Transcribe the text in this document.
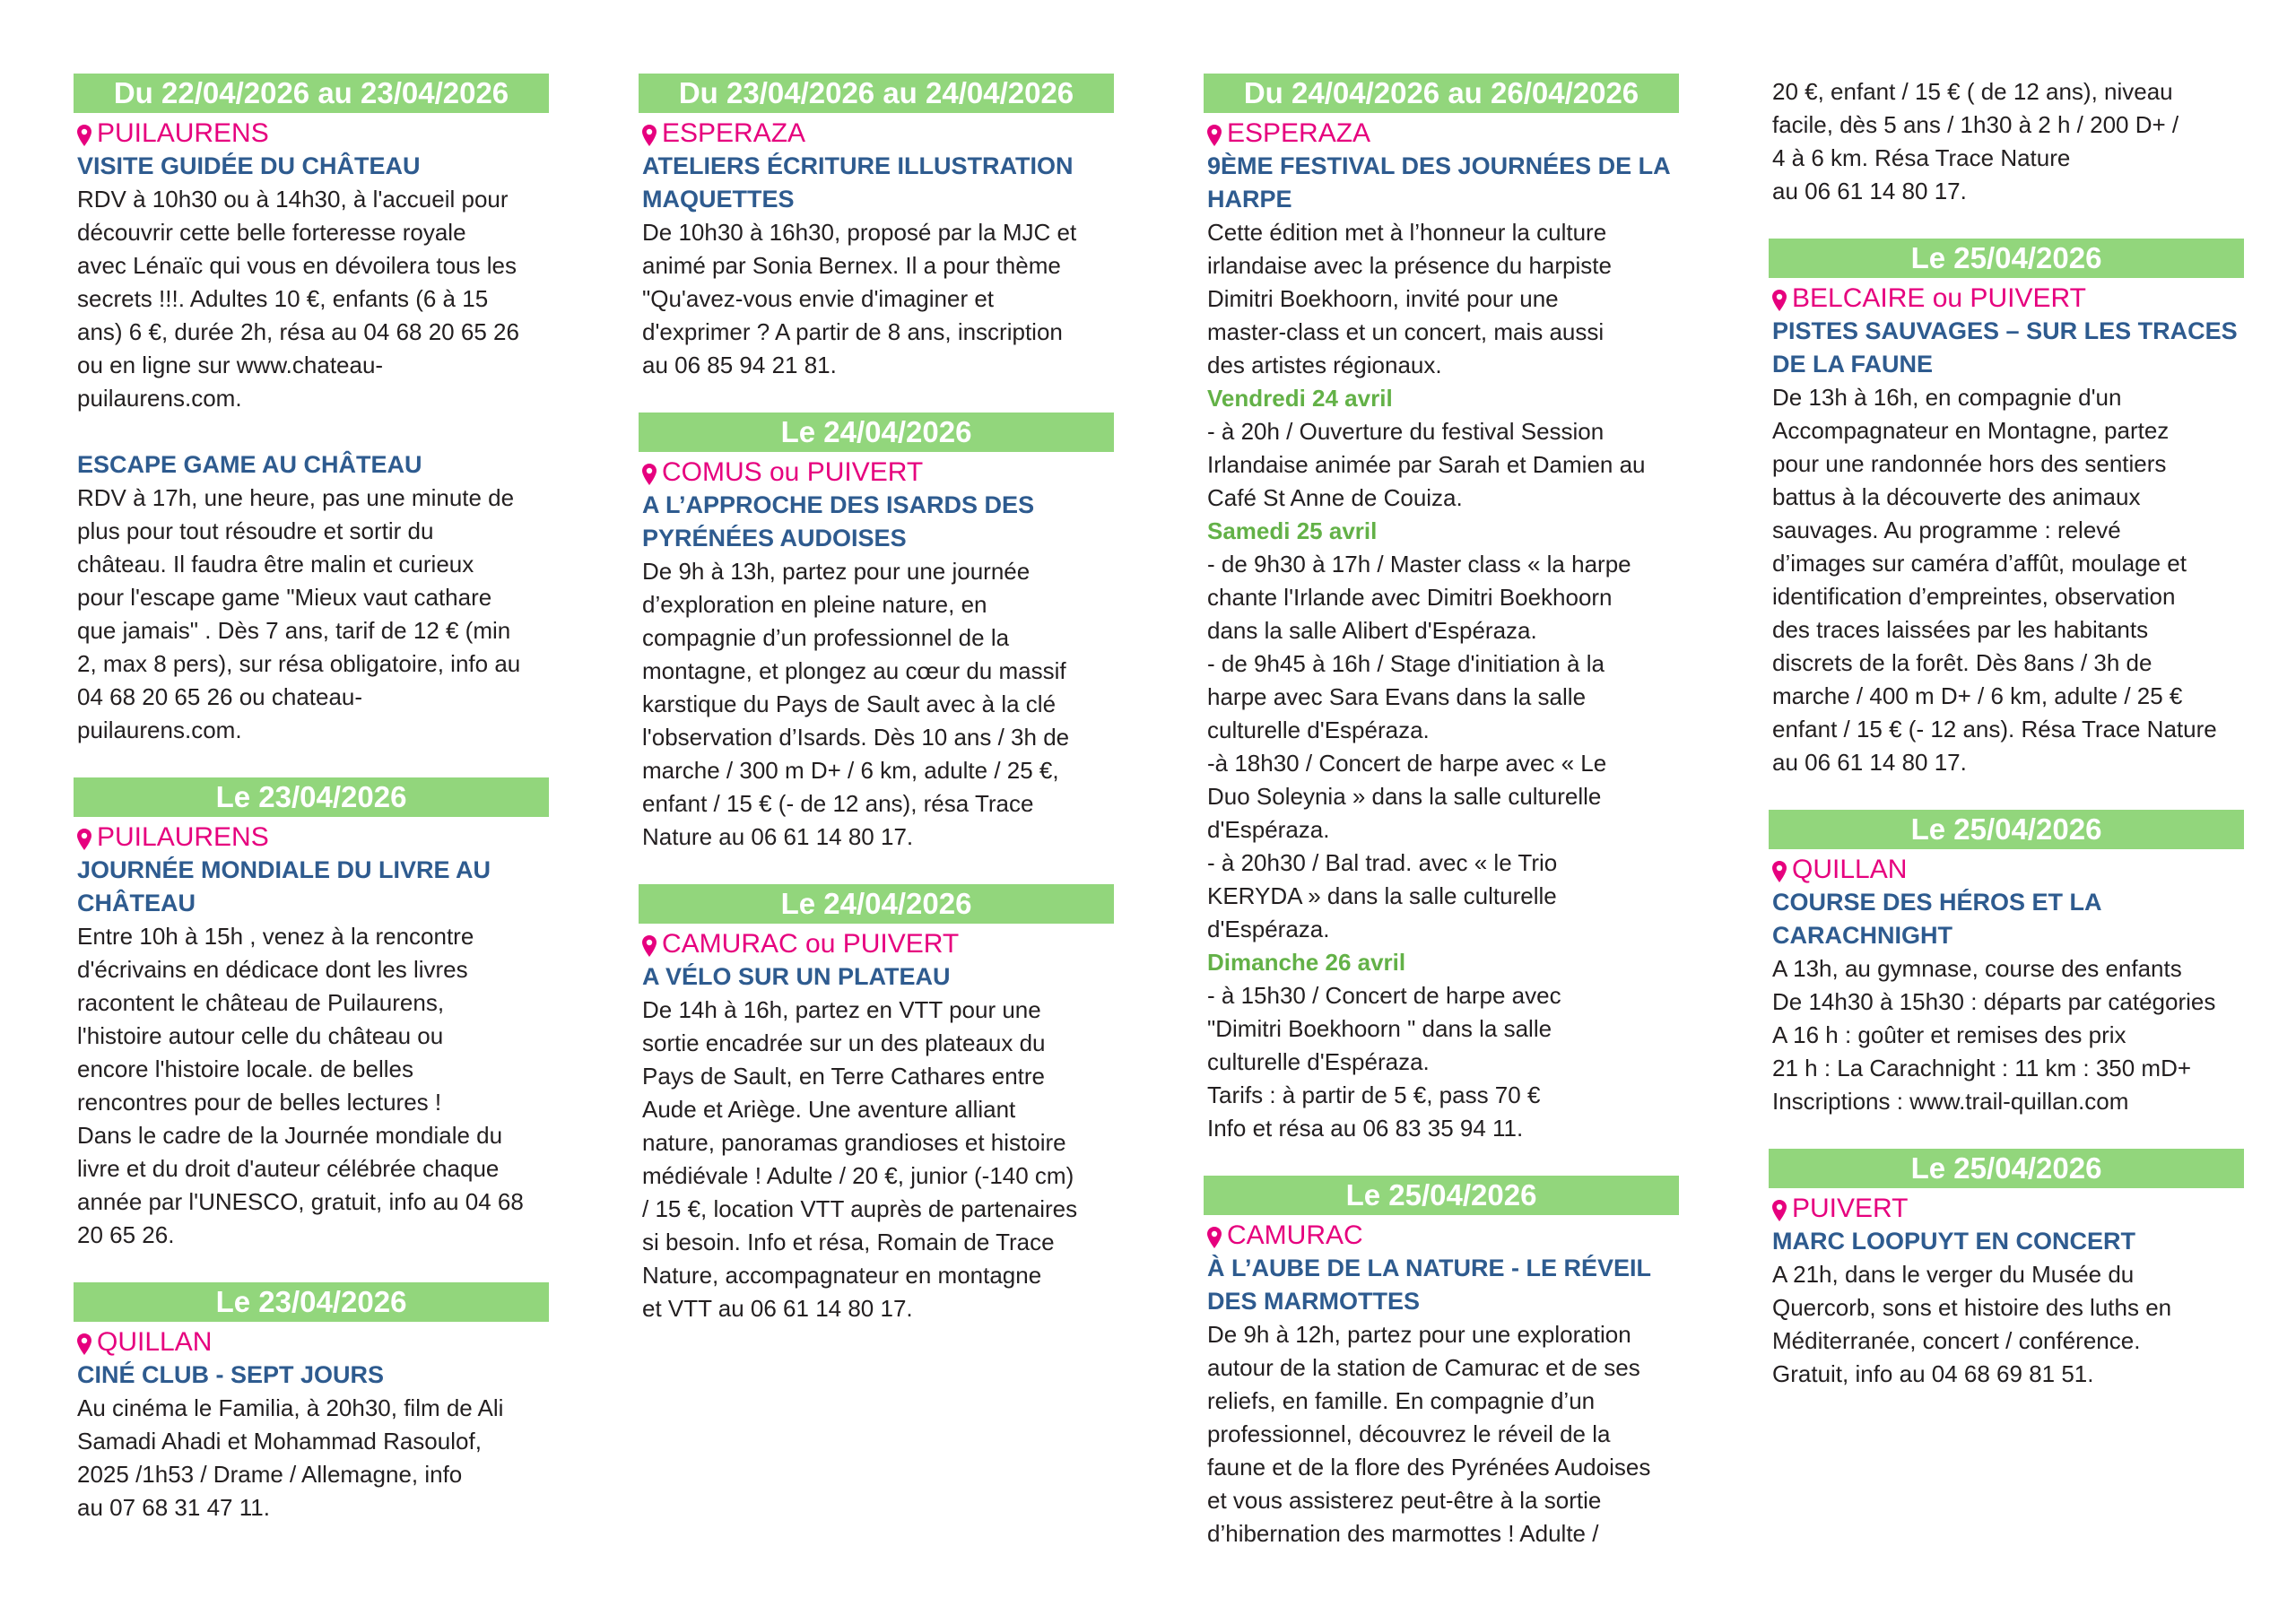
Du 22/04/2026 au 23/04/2026
PUILAURENS
VISITE GUIDÉE DU CHÂTEAU
RDV à 10h30 ou à 14h30, à l'accueil pour
découvrir cette belle forteresse royale
avec Lénaïc qui vous en dévoilera tous les
secrets !!!. Adultes 10 €, enfants (6 à 15
ans) 6 €, durée 2h, résa au 04 68 20 65 26
ou en ligne sur www.chateau-
puilaurens.com.
ESCAPE GAME AU CHÂTEAU
RDV à 17h, une heure, pas une minute de
plus pour tout résoudre et sortir du
château. Il faudra être malin et curieux
pour l'escape game "Mieux vaut cathare
que jamais" . Dès 7 ans, tarif de 12 € (min
2, max 8 pers), sur résa obligatoire, info au
04 68 20 65 26 ou chateau-
puilaurens.com.
Le 23/04/2026
PUILAURENS
JOURNÉE MONDIALE DU LIVRE AU
CHÂTEAU
Entre 10h à 15h , venez à la rencontre
d'écrivains en dédicace dont les livres
racontent le château de Puilaurens,
l'histoire autour celle du château ou
encore l'histoire locale. de belles
rencontres pour de belles lectures !
Dans le cadre de la Journée mondiale du
livre et du droit d'auteur célébrée chaque
année par l'UNESCO, gratuit, info au 04 68
20 65 26.
Le 23/04/2026
QUILLAN
CINÉ CLUB - SEPT JOURS
Au cinéma le Familia, à 20h30, film de Ali
Samadi Ahadi et Mohammad Rasoulof,
2025 /1h53 / Drame / Allemagne, info
au 07 68 31 47 11.
Du 23/04/2026 au 24/04/2026
ESPERAZA
ATELIERS ÉCRITURE ILLUSTRATION
MAQUETTES
De 10h30 à 16h30, proposé par la MJC et
animé par Sonia Bernex. Il a pour thème
"Qu'avez-vous envie d'imaginer et
d'exprimer ? A partir de 8 ans, inscription
au 06 85 94 21 81.
Le 24/04/2026
COMUS ou PUIVERT
A L’APPROCHE DES ISARDS DES
PYRÉNÉES AUDOISES
De 9h à 13h, partez pour une journée
d’exploration en pleine nature, en
compagnie d’un professionnel de la
montagne, et plongez au cœur du massif
karstique du Pays de Sault avec à la clé
l'observation d’Isards. Dès 10 ans / 3h de
marche / 300 m D+ / 6 km, adulte / 25 €,
enfant / 15 € (- de 12 ans), résa Trace
Nature au 06 61 14 80 17.
Le 24/04/2026
CAMURAC ou PUIVERT
A VÉLO SUR UN PLATEAU
De 14h à 16h, partez en VTT pour une
sortie encadrée sur un des plateaux du
Pays de Sault, en Terre Cathares entre
Aude et Ariège. Une aventure alliant
nature, panoramas grandioses et histoire
médiévale ! Adulte / 20 €, junior (-140 cm)
/ 15 €, location VTT auprès de partenaires
si besoin. Info et résa, Romain de Trace
Nature, accompagnateur en montagne
et VTT au 06 61 14 80 17.
Du 24/04/2026 au 26/04/2026
ESPERAZA
9ÈME FESTIVAL DES JOURNÉES DE LA
HARPE
Cette édition met à l’honneur la culture
irlandaise avec la présence du harpiste
Dimitri Boekhoorn, invité pour une
master-class et un concert, mais aussi
des artistes régionaux.
Vendredi 24 avril
- à 20h / Ouverture du festival Session
Irlandaise animée par Sarah et Damien au
Café St Anne de Couiza.
Samedi 25 avril
- de 9h30 à 17h / Master class « la harpe
chante l'Irlande avec Dimitri Boekhoorn
dans la salle Alibert d'Espéraza.
- de 9h45 à 16h / Stage d'initiation à la
harpe avec Sara Evans dans la salle
culturelle d'Espéraza.
-à 18h30 / Concert de harpe avec « Le
Duo Soleynia » dans la salle culturelle
d'Espéraza.
- à 20h30 / Bal trad. avec « le Trio
KERYDA » dans la salle culturelle
d'Espéraza.
Dimanche 26 avril
- à 15h30 / Concert de harpe avec
"Dimitri Boekhoorn " dans la salle
culturelle d'Espéraza.
Tarifs : à partir de 5 €, pass 70 €
Info et résa au 06 83 35 94 11.
Le 25/04/2026
CAMURAC
À L’AUBE DE LA NATURE - LE RÉVEIL
DES MARMOTTES
De 9h à 12h, partez pour une exploration
autour de la station de Camurac et de ses
reliefs, en famille. En compagnie d’un
professionnel, découvrez le réveil de la
faune et de la flore des Pyrénées Audoises
et vous assisterez peut-être à la sortie
d’hibernation des marmottes ! Adulte /
20 €, enfant / 15 € ( de 12 ans), niveau
facile, dès 5 ans / 1h30 à 2 h / 200 D+ /
4 à 6 km. Résa Trace Nature
au 06 61 14 80 17.
Le 25/04/2026
BELCAIRE ou PUIVERT
PISTES SAUVAGES – SUR LES TRACES
DE LA FAUNE
De 13h à 16h, en compagnie d'un
Accompagnateur en Montagne, partez
pour une randonnée hors des sentiers
battus à la découverte des animaux
sauvages. Au programme : relevé
d’images sur caméra d’affût, moulage et
identification d’empreintes, observation
des traces laissées par les habitants
discrets de la forêt. Dès 8ans / 3h de
marche / 400 m D+ / 6 km, adulte / 25 €
enfant / 15 € (- 12 ans). Résa Trace Nature
au 06 61 14 80 17.
Le 25/04/2026
QUILLAN
COURSE DES HÉROS ET LA
CARACHNIGHT
A 13h, au gymnase, course des enfants
De 14h30 à 15h30 : départs par catégories
A 16 h : goûter et remises des prix
21 h : La Carachnight : 11 km : 350 mD+
Inscriptions : www.trail-quillan.com
Le 25/04/2026
PUIVERT
MARC LOOPUYT EN CONCERT
A 21h, dans le verger du Musée du
Quercorb, sons et histoire des luths en
Méditerranée, concert / conférence.
Gratuit, info au 04 68 69 81 51.
